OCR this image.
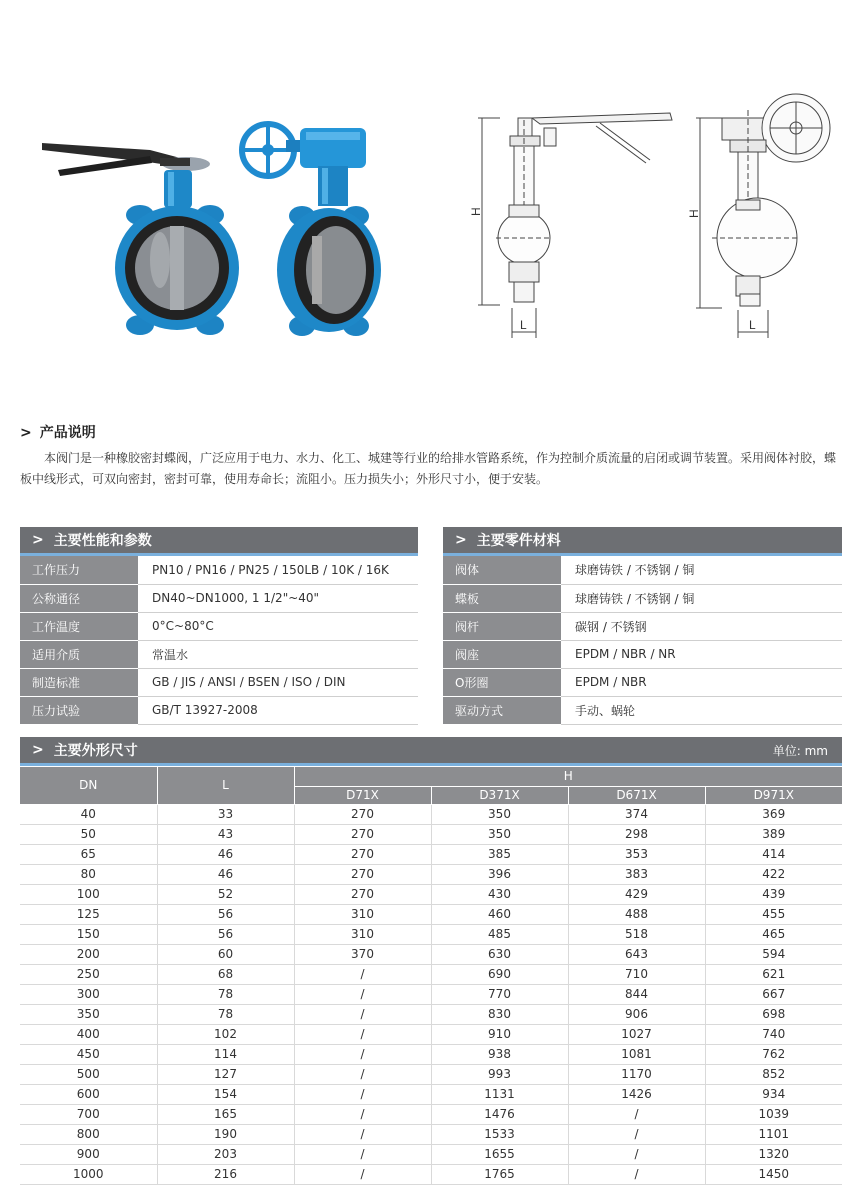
H
L
H
L
> 产品说明
本阀门是一种橡胶密封蝶阀，广泛应用于电力、水力、化工、城建等行业的给排水管路系统，作为控制介质流量的启闭或调节装置。采用阀体衬胶，蝶板中线形式，可双向密封，密封可靠，使用寿命长；流阻小。压力损失小；外形尺寸小，便于安装。
> 主要性能和参数
工作压力	PN10 / PN16 / PN25 / 150LB / 10K / 16K
公称通径	DN40~DN1000, 1 1/2"~40"
工作温度	0°C~80°C
适用介质	常温水
制造标准	GB / JIS / ANSI / BSEN / ISO / DIN
压力试验	GB/T 13927-2008
> 主要零件材料
阀体	球磨铸铁 / 不锈钢 / 铜
蝶板	球磨铸铁 / 不锈钢 / 铜
阀杆	碳钢 / 不锈钢
阀座	EPDM / NBR / NR
O形圈	EPDM / NBR
驱动方式	手动、蜗轮
> 主要外形尺寸	单位: mm
DN	L	H			
		D71X	D371X	D671X	D971X
40	33	270	350	374	369
50	43	270	350	298	389
65	46	270	385	353	414
80	46	270	396	383	422
100	52	270	430	429	439
125	56	310	460	488	455
150	56	310	485	518	465
200	60	370	630	643	594
250	68	/	690	710	621
300	78	/	770	844	667
350	78	/	830	906	698
400	102	/	910	1027	740
450	114	/	938	1081	762
500	127	/	993	1170	852
600	154	/	1131	1426	934
700	165	/	1476	/	1039
800	190	/	1533	/	1101
900	203	/	1655	/	1320
1000	216	/	1765	/	1450
